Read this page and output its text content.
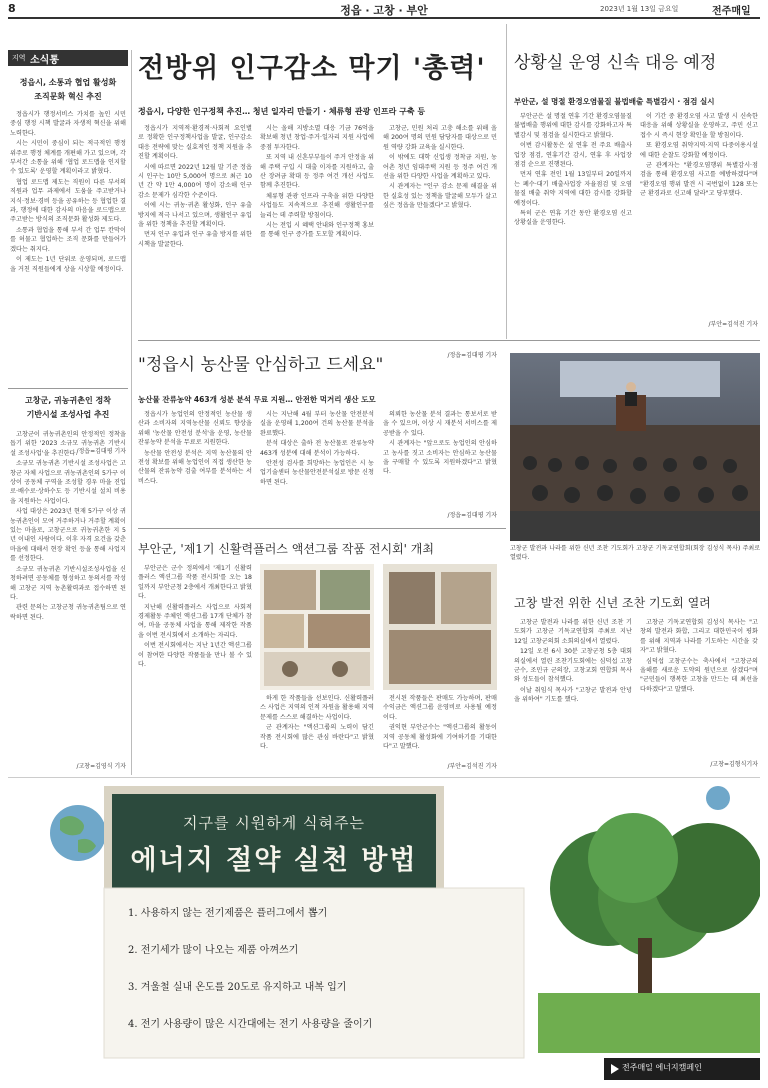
8	정읍 · 고창 · 부안	2023년 1월 13일 금요일	전주매일
지역 소식통
정읍시, 소통과 협업 활성화
조직문화 혁신 추진

정읍시가 행정서비스 가치를 높인 시민 중심 행정 시책 발굴과 자생적 혁신을 위해 노력한다.

시는 시민이 중심이 되는 적극적인 행정 위주로 행정 체계를 개편해 가고 있으며, 각 부서간 소통을 위해 '협업 로드맵을 인지할 수 있도록' 운영할 계획이라고 밝혔다.

협업 로드맵 제도는 직원이 다른 부서의 직원과 업무 과제에서 도움을 주고받거나 지식·정보·경비 등을 공유하는 등 협업한 결과, 행정에 대한 감사의 마음을 로드맵으로 주고받는 방식의 조직문화 활성화 제도다.

소통과 협업을 통해 부서 간 업무 칸막이를 허물고 협업하는 조직 문화를 만들어가겠다는 취지다.

이 제도는 1년 단위로 운영되며, 로드맵을 거친 직원들에게 상을 시상할 예정이다.

/정읍=김대평 기자
고창군, 귀농귀촌인 정착
기반시설 조성사업 추진

고창군이 귀농귀촌인의 안정적인 정착을 돕기 위한 '2023 소규모 귀농귀촌 기반시설 조성사업'을 추진한다.

소규모 귀농귀촌 기반시설 조성사업은 고창군 자체 사업으로 귀농귀촌인의 5가구 이상이 공동체 구역을 조성할 경우 마을 진입로·배수로·상하수도 등 기반시설 설치 비용을 지원하는 사업이다.

사업 대상은 2023년 현재 5가구 이상 귀농귀촌인이 모여 거주하거나 거주할 계획이 있는 마을로, 고창군으로 귀농귀촌한 지 5년 이내인 사람이다. 이후 자격 요건을 갖춘 마을에 대해서 현장 확인 등을 통해 사업지를 선정한다.

소규모 귀농귀촌 기반시설조성사업을 신청하려면 공동체를 형성하고 동의서를 작성해 고창군 지역 농촌활력과로 접수하면 된다.

관련 문의는 고창군청 귀농귀촌팀으로 연락하면 된다.

/고창=김영식 기자
전방위 인구감소 막기 '총력'
정읍시, 다양한 인구정책 추진… 청년 일자리 만들기 · 체류형 관광 인프라 구축 등

정읍시가 지역적·환경적·사회적 요인별로 정확한 인구정책사업을 발굴, 인구감소 대응 전략에 맞는 실효적인 정책 지원을 추진할 계획이다.

시에 따르면 2022년 12월 말 기준 정읍시 인구는 10만 5,000여 명으로 최근 10년 간 약 1만 4,000여 명이 감소해 인구 감소 문제가 심각한 수준이다.

이에 시는 귀농·귀촌 활성화, 인구 유출 방지에 적극 나서고 있으며, 생활인구 유입을 위한 정책을 추진할 계획이다.

먼저 인구 유입과 인구 유출 방지를 위한 시책을 발굴한다.

시는 올해 지방소멸 대응 기금 76억을 확보해 청년 창업·주거·일자리 지원 사업에 중점 투자한다.

또 지역 내 신혼부부들이 주거 안정을 위해 주택 구입 시 대출 이자를 지원하고, 출산 장려금 확대 등 정주 여건 개선 사업도 함께 추진한다.

체류형 관광 인프라 구축을 위한 다양한 사업들도 지속적으로 추진해 생활인구를 늘리는 데 주력할 방침이다.

시는 전입 시 혜택 안내와 인구정책 홍보를 통해 인구 증가를 도모할 계획이다.

고창군, 민원 처리 고충 해소를 위해 올해 200여 명의 민원 담당자를 대상으로 민원 역량 강화 교육을 실시한다.

이 밖에도 대학 신입생 정착금 지원, 농어촌 청년 임대주택 지원 등 정주 여건 개선을 위한 다양한 사업을 계획하고 있다.

시 관계자는 "인구 감소 문제 해결을 위한 실효성 있는 정책을 발굴해 모두가 살고 싶은 정읍을 만들겠다"고 밝혔다.

/정읍=김대평 기자
상황실 운영 신속 대응 예정
부안군, 설 명절 환경오염물질 불법배출 특별감시 · 점검 실시

부안군은 설 명절 연휴 기간 환경오염물질 불법배출 행위에 대한 감시를 강화하고자 특별감시 및 점검을 실시한다고 밝혔다.

이번 감시활동은 설 연휴 전 주요 배출사업장 점검, 연휴기간 감시, 연휴 후 사업장 점검 순으로 진행된다.

먼저 연휴 전인 1월 13일부터 20일까지는 폐수·대기 배출사업장 자율점검 및 오염물질 배출 취약 지역에 대한 감시를 강화할 예정이다.

특히 군은 연휴 기간 동안 환경오염 신고 상황실을 운영한다.

이 기간 중 환경오염 사고 발생 시 신속한 대응을 위해 상황실을 운영하고, 주민 신고 접수 시 즉시 현장 확인을 할 방침이다.

또 환경오염 취약지역·지역 다중이용시설에 대한 순찰도 강화할 예정이다.

군 관계자는 "환경오염행위 특별감시·점검을 통해 환경오염 사고를 예방하겠다"며 "환경오염 행위 발견 시 국번없이 128 또는 군 환경과로 신고해 달라"고 당부했다.

/부안=김석진 기자
"정읍시 농산물 안심하고 드세요"
농산물 잔류농약 463개 성분 분석 무료 지원… 안전한 먹거리 생산 도모

정읍시가 농업인의 안정적인 농산물 생산과 소비자의 지역농산물 신뢰도 향상을 위해 '농산물 안전성 분석'을 운영, 농산물 잔류농약 분석을 무료로 지원한다.

농산물 안전성 분석은 지역 농산물의 안전성 확보를 위해 농업인이 직접 생산한 농산물의 잔류농약 검출 여부를 분석하는 서비스다.

시는 지난해 4월 부터 농산물 안전분석실을 운영해 1,200여 건의 농산물 분석을 완료했다.

분석 대상은 출하 전 농산물로 잔류농약 463개 성분에 대해 분석이 가능하다.

안전성 검사를 희망하는 농업인은 시 농업기술센터 농산물안전분석실로 방문 신청하면 된다.

의뢰한 농산물 분석 결과는 통보서로 받을 수 있으며, 이상 시 재분석 서비스를 제공받을 수 있다.

시 관계자는 "앞으로도 농업인의 안심하고 농사를 짓고 소비자는 안심하고 농산물을 구매할 수 있도록 지원하겠다"고 밝혔다.

/정읍=김대평 기자
고창군 발전과 나라를 위한 신년 조찬 기도회가 고창군 기독교연합회(회장 김성식 목사) 주최로 열렸다.
부안군, '제1기 신활력플러스 액션그룹 작품 전시회' 개최

부안군은 군수 정의에서 '제1기 신활력플러스 액션그룹 작품 전시회'를 오는 18일까지 부안군청 2층에서 개최한다고 밝혔다.

지난해 신활력플러스 사업으로 사회적 경제활동 주체인 액션그룹 17개 단체가 참여, 마을 공동체 사업을 통해 제작한 작품을 이번 전시회에서 소개하는 자리다.

이번 전시회에서는 지난 1년간 액션그룹이 참여한 다양한 작품들을 만나 볼 수 있다.

하게 한 작품들을 선보인다. 신활력플러스 사업은 지역의 인적 자원을 활용해 지역 문제를 스스로 해결하는 사업이다.

군 관계자는 "액션그룹의 노력이 담긴 작품 전시회에 많은 관심 바란다"고 밝혔다.

전시된 작품들은 판매도 가능하며, 판매 수익금은 액션그룹 운영비로 사용될 예정이다.

권익현 부안군수는 "액션그룹의 활동이 지역 공동체 활성화에 기여하기를 기대한다"고 말했다.

/부안=김석진 기자
고창 발전 위한 신년 조찬 기도회 열려

고창군 발전과 나라를 위한 신년 조찬 기도회가 고창군 기독교연합회 주최로 지난 12일 고창군의회 소회의실에서 열렸다.

12일 오전 6시 30분 고창군청 5층 대회의실에서 열린 조찬기도회에는 심덕섭 고창군수, 조민규 군의장, 고창교회 연합회 목사와 성도들이 참석했다.

이날 취임식 목사가 "고창군 발전과 안녕을 위하여" 기도를 했다.

고창군 기독교연합회 김성식 목사는 "고창의 발전과 화합, 그리고 대한민국이 평화를 위해 지역과 나라를 기도하는 시간을 갖자"고 밝혔다.

심덕섭 고창군수는 축사에서 "고창군의 올해를 새로운 도약의 원년으로 삼겠다"며 "군민들이 행복한 고창을 만드는 데 최선을 다하겠다"고 말했다.

/고창=김형식기자
지구를 시원하게 식혀주는
에너지 절약 실천 방법
1. 사용하지 않는 전기제품은 플러그에서 뽑기
2. 전기세가 많이 나오는 제품 아껴쓰기
3. 겨울철 실내 온도를 20도로 유지하고 내복 입기
4. 전기 사용량이 많은 시간대에는 전기 사용량을 줄이기
전주매일 에너지캠페인
